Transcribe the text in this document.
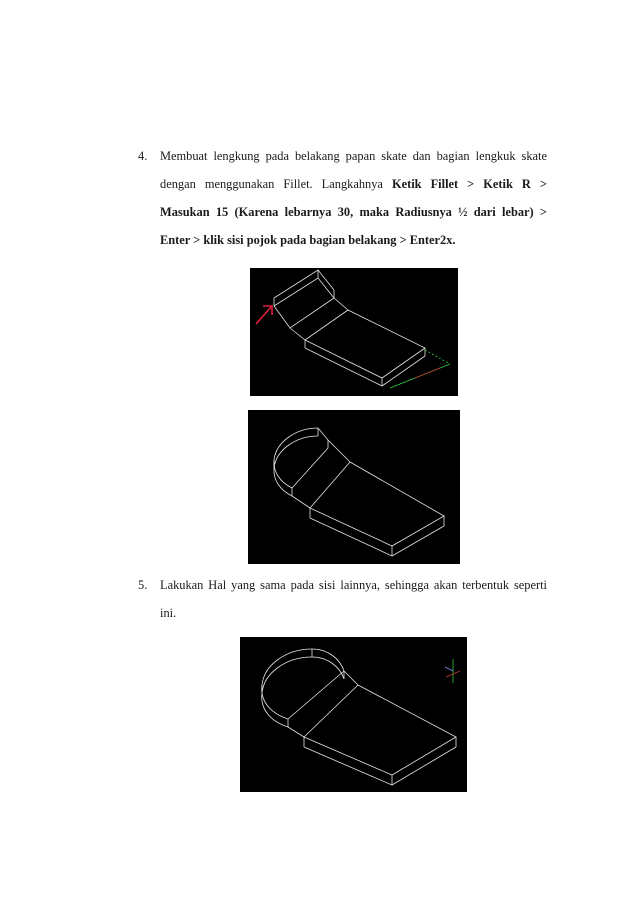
4. Membuat lengkung pada belakang papan skate dan bagian lengkuk skate
dengan menggunakan Fillet. Langkahnya Ketik Fillet > Ketik R >
Masukan 15 (Karena lebarnya 30, maka Radiusnya ½ dari lebar) >
Enter > klik sisi pojok pada bagian belakang > Enter2x.
5. Lakukan Hal yang sama pada sisi lainnya, sehingga akan terbentuk seperti
ini.
